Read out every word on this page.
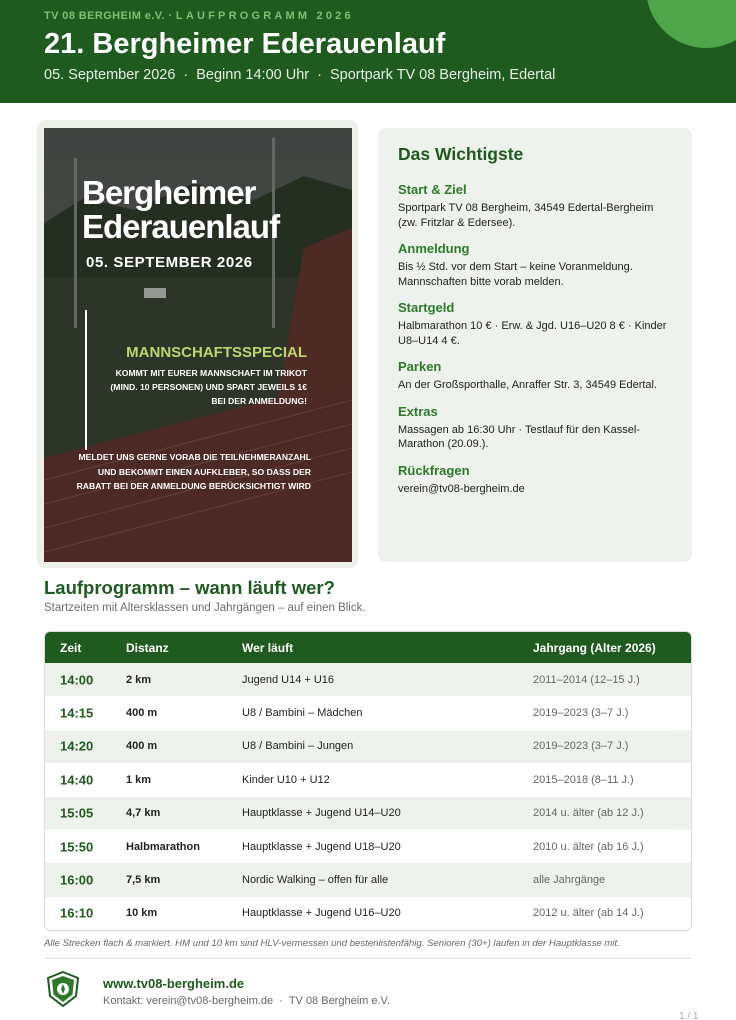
TV 08 BERGHEIM e.V. · LAUFPROGRAMM 2026
21. Bergheimer Ederauenlauf
05. September 2026 · Beginn 14:00 Uhr · Sportpark TV 08 Bergheim, Edertal
Bergheimer
Ederauenlauf
05. SEPTEMBER 2026
MANNSCHAFTSSPECIAL
KOMMT MIT EURER MANNSCHAFT IM TRIKOT (MIND. 10 PERSONEN) UND SPART JEWEILS 1€ BEI DER ANMELDUNG!
MELDET UNS GERNE VORAB DIE TEILNEHMERANZAHL UND BEKOMMT EINEN AUFKLEBER, SO DASS DER RABATT BEI DER ANMELDUNG BERÜCKSICHTIGT WIRD
Das Wichtigste
Start & Ziel
Sportpark TV 08 Bergheim, 34549 Edertal-Bergheim (zw. Fritzlar & Edersee).
Anmeldung
Bis ½ Std. vor dem Start – keine Voranmeldung. Mannschaften bitte vorab melden.
Startgeld
Halbmarathon 10 € · Erw. & Jgd. U16–U20 8 € · Kinder U8–U14 4 €.
Parken
An der Großsporthalle, Anraffer Str. 3, 34549 Edertal.
Extras
Massagen ab 16:30 Uhr · Testlauf für den Kassel-Marathon (20.09.).
Rückfragen
verein@tv08-bergheim.de
Laufprogramm – wann läuft wer?
Startzeiten mit Altersklassen und Jahrgängen – auf einen Blick.
Zeit	Distanz	Wer läuft	Jahrgang (Alter 2026)
14:00	2 km	Jugend U14 + U16	2011–2014 (12–15 J.)
14:15	400 m	U8 / Bambini – Mädchen	2019–2023 (3–7 J.)
14:20	400 m	U8 / Bambini – Jungen	2019–2023 (3–7 J.)
14:40	1 km	Kinder U10 + U12	2015–2018 (8–11 J.)
15:05	4,7 km	Hauptklasse + Jugend U14–U20	2014 u. älter (ab 12 J.)
15:50	Halbmarathon	Hauptklasse + Jugend U18–U20	2010 u. älter (ab 16 J.)
16:00	7,5 km	Nordic Walking – offen für alle	alle Jahrgänge
16:10	10 km	Hauptklasse + Jugend U16–U20	2012 u. älter (ab 14 J.)
Alle Strecken flach & markiert. HM und 10 km sind HLV-vermessen und bestenlistenfähig. Senioren (30+) laufen in der Hauptklasse mit.
www.tv08-bergheim.de
Kontakt: verein@tv08-bergheim.de · TV 08 Bergheim e.V.
1 / 1
